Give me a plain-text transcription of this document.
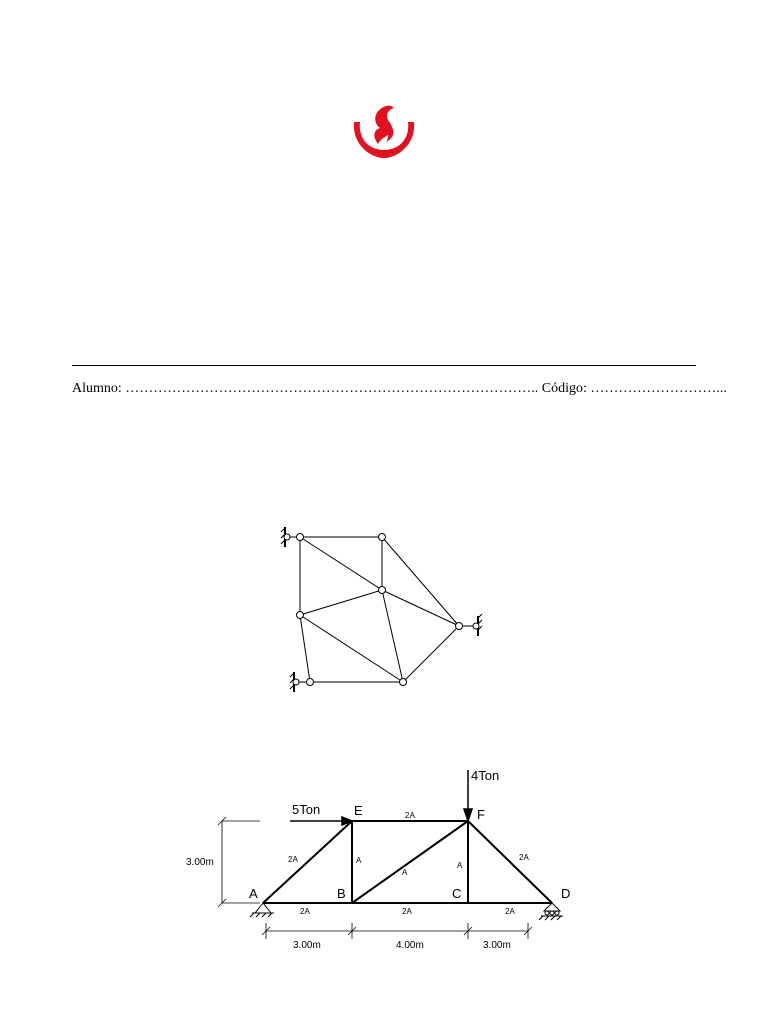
Alumno: …………………………………………………………………………….. Código: ………………………...
A	B	C	D
E	F
5Ton
4Ton
2A
2A
2A
2A	2A	2A
A
A
A
3.00m
3.00m	4.00m	3.00m
